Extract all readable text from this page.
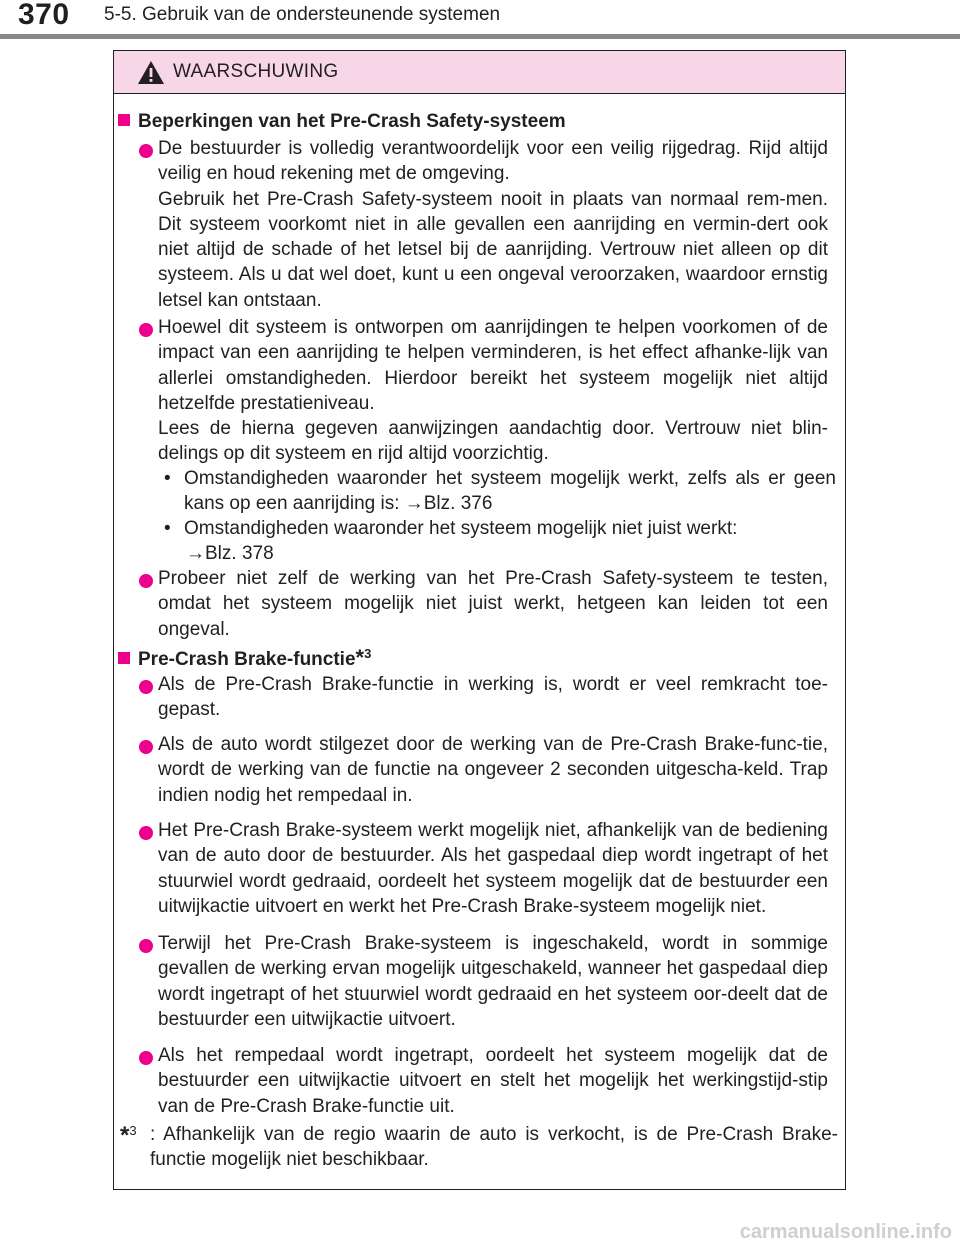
370 5-5. Gebruik van de ondersteunende systemen
WAARSCHUWING
Beperkingen van het Pre-Crash Safety-systeem

De bestuurder is volledig verantwoordelijk voor een veilig rijgedrag. Rijd altijd veilig en houd rekening met de omgeving.

Gebruik het Pre-Crash Safety-systeem nooit in plaats van normaal rem-men. Dit systeem voorkomt niet in alle gevallen een aanrijding en vermin-dert ook niet altijd de schade of het letsel bij de aanrijding. Vertrouw niet alleen op dit systeem. Als u dat wel doet, kunt u een ongeval veroorzaken, waardoor ernstig letsel kan ontstaan.

Hoewel dit systeem is ontworpen om aanrijdingen te helpen voorkomen of de impact van een aanrijding te helpen verminderen, is het effect afhanke-lijk van allerlei omstandigheden. Hierdoor bereikt het systeem mogelijk niet altijd hetzelfde prestatieniveau.

Lees de hierna gegeven aanwijzingen aandachtig door. Vertrouw niet blin-delings op dit systeem en rijd altijd voorzichtig.

• Omstandigheden waaronder het systeem mogelijk werkt, zelfs als er geen kans op een aanrijding is: →Blz. 376
• Omstandigheden waaronder het systeem mogelijk niet juist werkt:
→Blz. 378

Probeer niet zelf de werking van het Pre-Crash Safety-systeem te testen, omdat het systeem mogelijk niet juist werkt, hetgeen kan leiden tot een ongeval.

Pre-Crash Brake-functie*$^3$

Als de Pre-Crash Brake-functie in werking is, wordt er veel remkracht toe-gepast.

Als de auto wordt stilgezet door de werking van de Pre-Crash Brake-func-tie, wordt de werking van de functie na ongeveer 2 seconden uitgescha-keld. Trap indien nodig het rempedaal in.

Het Pre-Crash Brake-systeem werkt mogelijk niet, afhankelijk van de bediening van de auto door de bestuurder. Als het gaspedaal diep wordt ingetrapt of het stuurwiel wordt gedraaid, oordeelt het systeem mogelijk dat de bestuurder een uitwijkactie uitvoert en werkt het Pre-Crash Brake-systeem mogelijk niet.

Terwijl het Pre-Crash Brake-systeem is ingeschakeld, wordt in sommige gevallen de werking ervan mogelijk uitgeschakeld, wanneer het gaspedaal diep wordt ingetrapt of het stuurwiel wordt gedraaid en het systeem oor-deelt dat de bestuurder een uitwijkactie uitvoert.

Als het rempedaal wordt ingetrapt, oordeelt het systeem mogelijk dat de bestuurder een uitwijkactie uitvoert en stelt het mogelijk het werkingstijd-stip van de Pre-Crash Brake-functie uit.

*$^3$ : Afhankelijk van de regio waarin de auto is verkocht, is de Pre-Crash Brake-functie mogelijk niet beschikbaar.
carmanualsonline.info
